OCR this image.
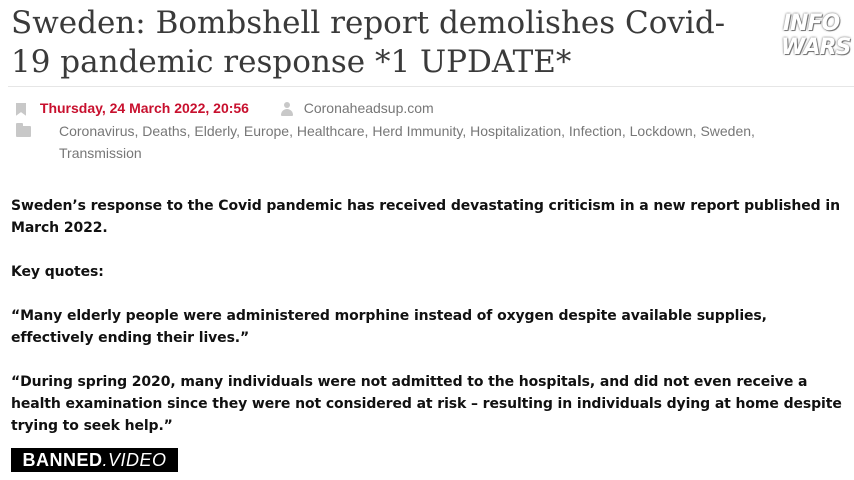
Sweden: Bombshell report demolishes Covid-19 pandemic response *1 UPDATE*
INFO
WARS
Thursday, 24 March 2022, 20:56	Coronaheadsup.com
Coronavirus, Deaths, Elderly, Europe, Healthcare, Herd Immunity, Hospitalization, Infection, Lockdown, Sweden, Transmission

Sweden’s response to the Covid pandemic has received devastating criticism in a new report published in March 2022.

Key quotes:

“Many elderly people were administered morphine instead of oxygen despite available supplies, effectively ending their lives.”

“During spring 2020, many individuals were not admitted to the hospitals, and did not even receive a health examination since they were not considered at risk – resulting in individuals dying at home despite trying to seek help.”

BANNED.VIDEO
